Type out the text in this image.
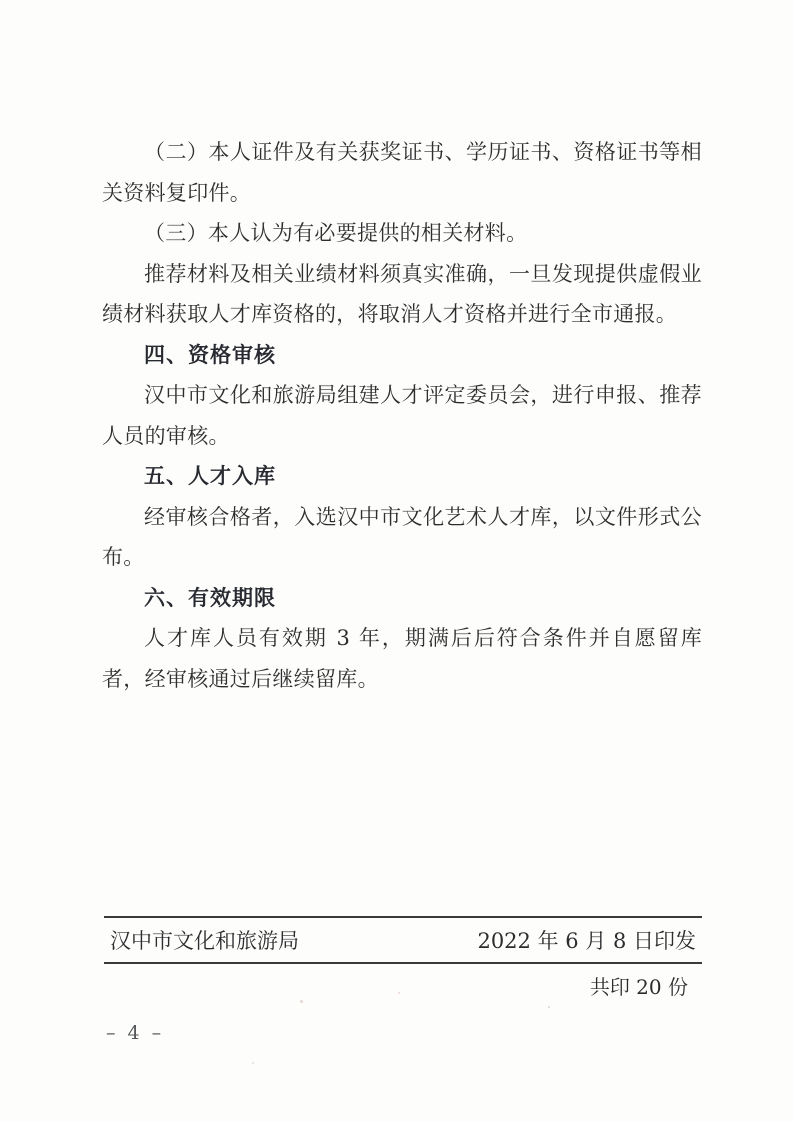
（二）本人证件及有关获奖证书、学历证书、资格证书等相关资料复印件。

（三）本人认为有必要提供的相关材料。

推荐材料及相关业绩材料须真实准确，一旦发现提供虚假业绩材料获取人才库资格的，将取消人才资格并进行全市通报。

四、资格审核

汉中市文化和旅游局组建人才评定委员会，进行申报、推荐人员的审核。

五、人才入库

经审核合格者，入选汉中市文化艺术人才库，以文件形式公布。

六、有效期限

人才库人员有效期 3 年，期满后后符合条件并自愿留库者，经审核通过后继续留库。

汉中市文化和旅游局	2022 年 6 月 8 日印发
共印 20 份
– 4 –
